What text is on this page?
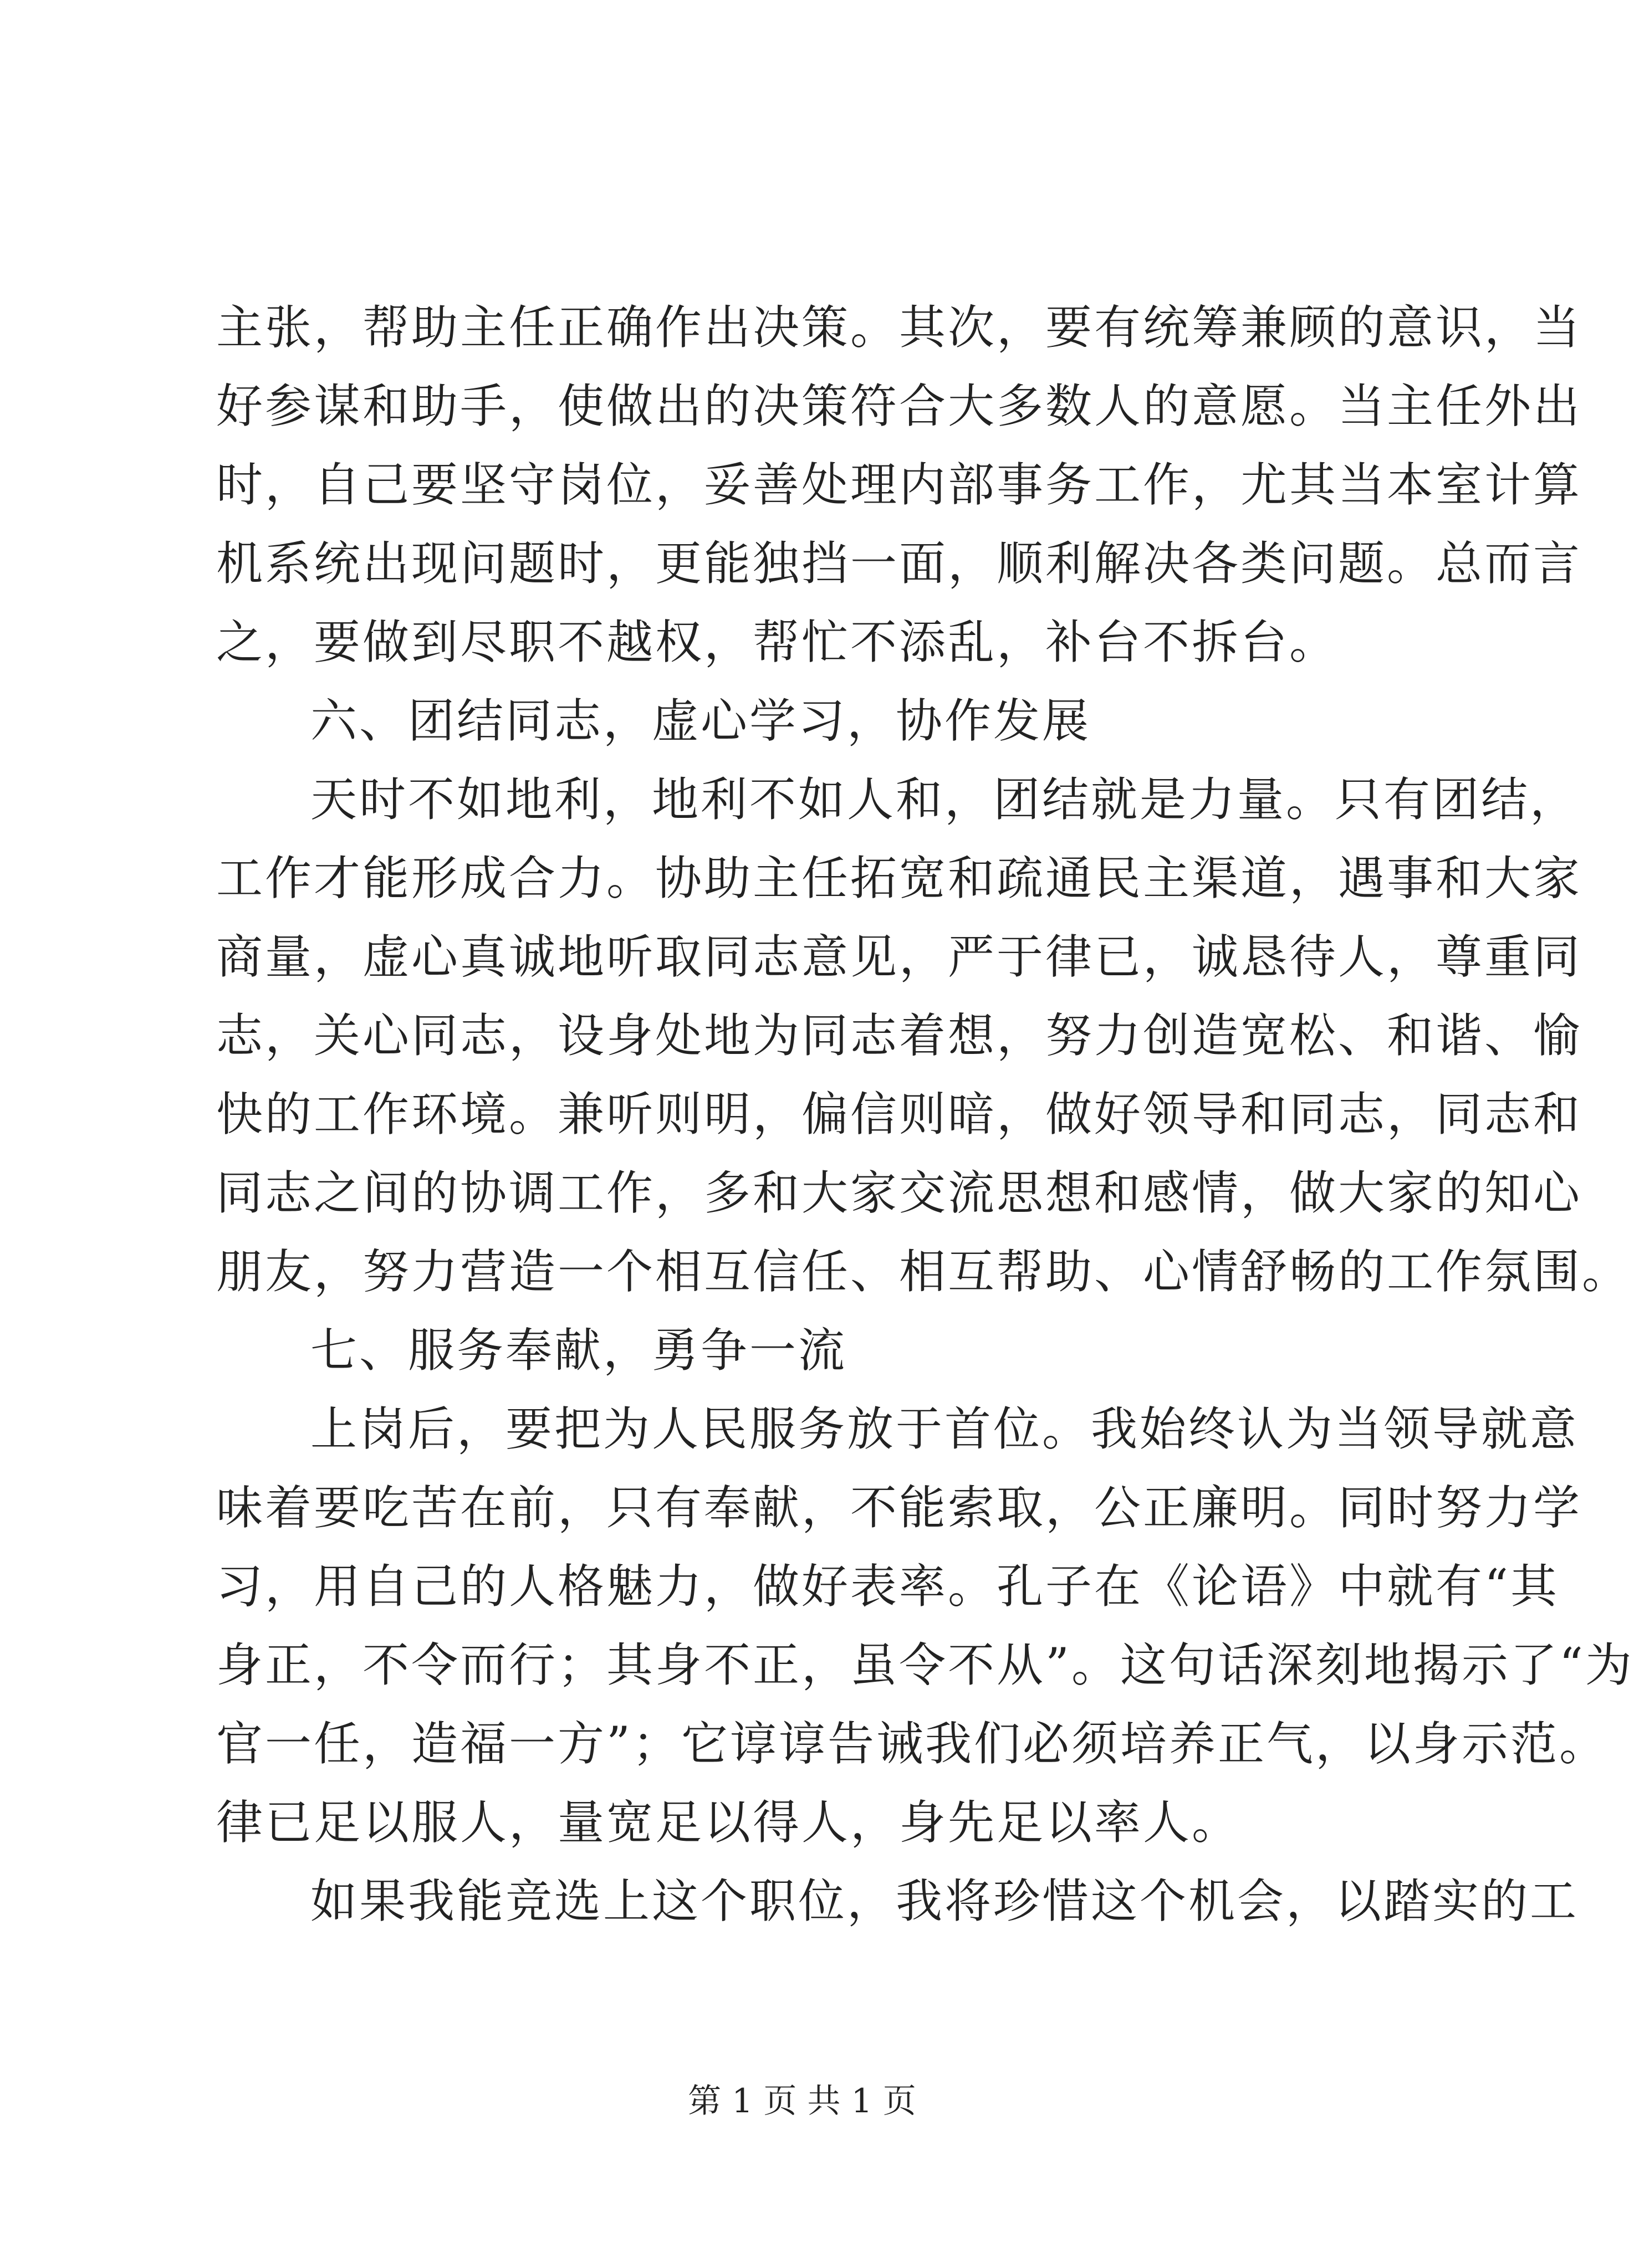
主张，帮助主任正确作出决策。其次，要有统筹兼顾的意识，当
好参谋和助手，使做出的决策符合大多数人的意愿。当主任外出
时，自己要坚守岗位，妥善处理内部事务工作，尤其当本室计算
机系统出现问题时，更能独挡一面，顺利解决各类问题。总而言
之，要做到尽职不越权，帮忙不添乱，补台不拆台。
六、团结同志，虚心学习，协作发展
天时不如地利，地利不如人和，团结就是力量。只有团结，
工作才能形成合力。协助主任拓宽和疏通民主渠道，遇事和大家
商量，虚心真诚地听取同志意见，严于律已，诚恳待人，尊重同
志，关心同志，设身处地为同志着想，努力创造宽松、和谐、愉
快的工作环境。兼听则明，偏信则暗，做好领导和同志，同志和
同志之间的协调工作，多和大家交流思想和感情，做大家的知心
朋友，努力营造一个相互信任、相互帮助、心情舒畅的工作氛围。
七、服务奉献，勇争一流
上岗后，要把为人民服务放于首位。我始终认为当领导就意
味着要吃苦在前，只有奉献，不能索取，公正廉明。同时努力学
习，用自己的人格魅力，做好表率。孔子在《论语》中就有“其
身正，不令而行；其身不正，虽令不从”。这句话深刻地揭示了“为
官一任，造福一方”；它谆谆告诫我们必须培养正气，以身示范。
律已足以服人，量宽足以得人，身先足以率人。
如果我能竞选上这个职位，我将珍惜这个机会，以踏实的工
第 1 页 共 1 页
